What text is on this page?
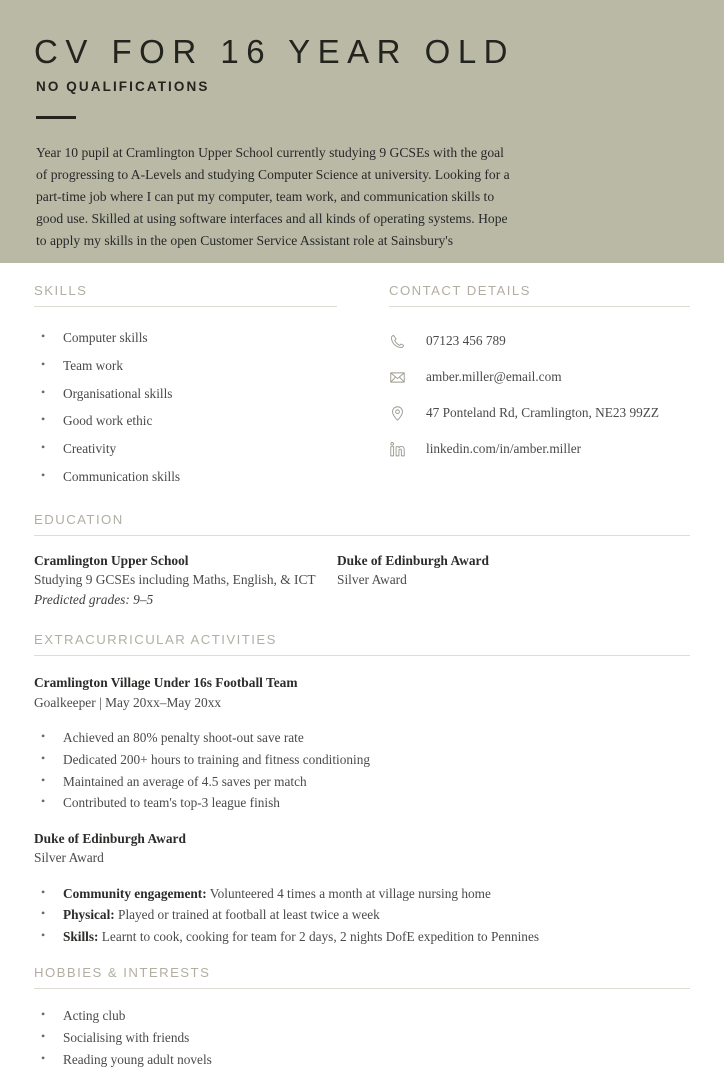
CV FOR 16 YEAR OLD
NO QUALIFICATIONS

Year 10 pupil at Cramlington Upper School currently studying 9 GCSEs with the goal of progressing to A-Levels and studying Computer Science at university. Looking for a part-time job where I can put my computer, team work, and communication skills to good use. Skilled at using software interfaces and all kinds of operating systems. Hope to apply my skills in the open Customer Service Assistant role at Sainsbury's

SKILLS
• Computer skills
• Team work
• Organisational skills
• Good work ethic
• Creativity
• Communication skills
CONTACT DETAILS
07123 456 789
amber.miller@email.com
47 Ponteland Rd, Cramlington, NE23 99ZZ
linkedin.com/in/amber.miller
EDUCATION
Cramlington Upper School
Studying 9 GCSEs including Maths, English, & ICT
Predicted grades: 9–5
Duke of Edinburgh Award
Silver Award
EXTRACURRICULAR ACTIVITIES
Cramlington Village Under 16s Football Team
Goalkeeper | May 20xx–May 20xx
• Achieved an 80% penalty shoot-out save rate
• Dedicated 200+ hours to training and fitness conditioning
• Maintained an average of 4.5 saves per match
• Contributed to team's top-3 league finish
Duke of Edinburgh Award
Silver Award
• Community engagement: Volunteered 4 times a month at village nursing home
• Physical: Played or trained at football at least twice a week
• Skills: Learnt to cook, cooking for team for 2 days, 2 nights DofE expedition to Pennines
HOBBIES & INTERESTS
• Acting club
• Socialising with friends
• Reading young adult novels
